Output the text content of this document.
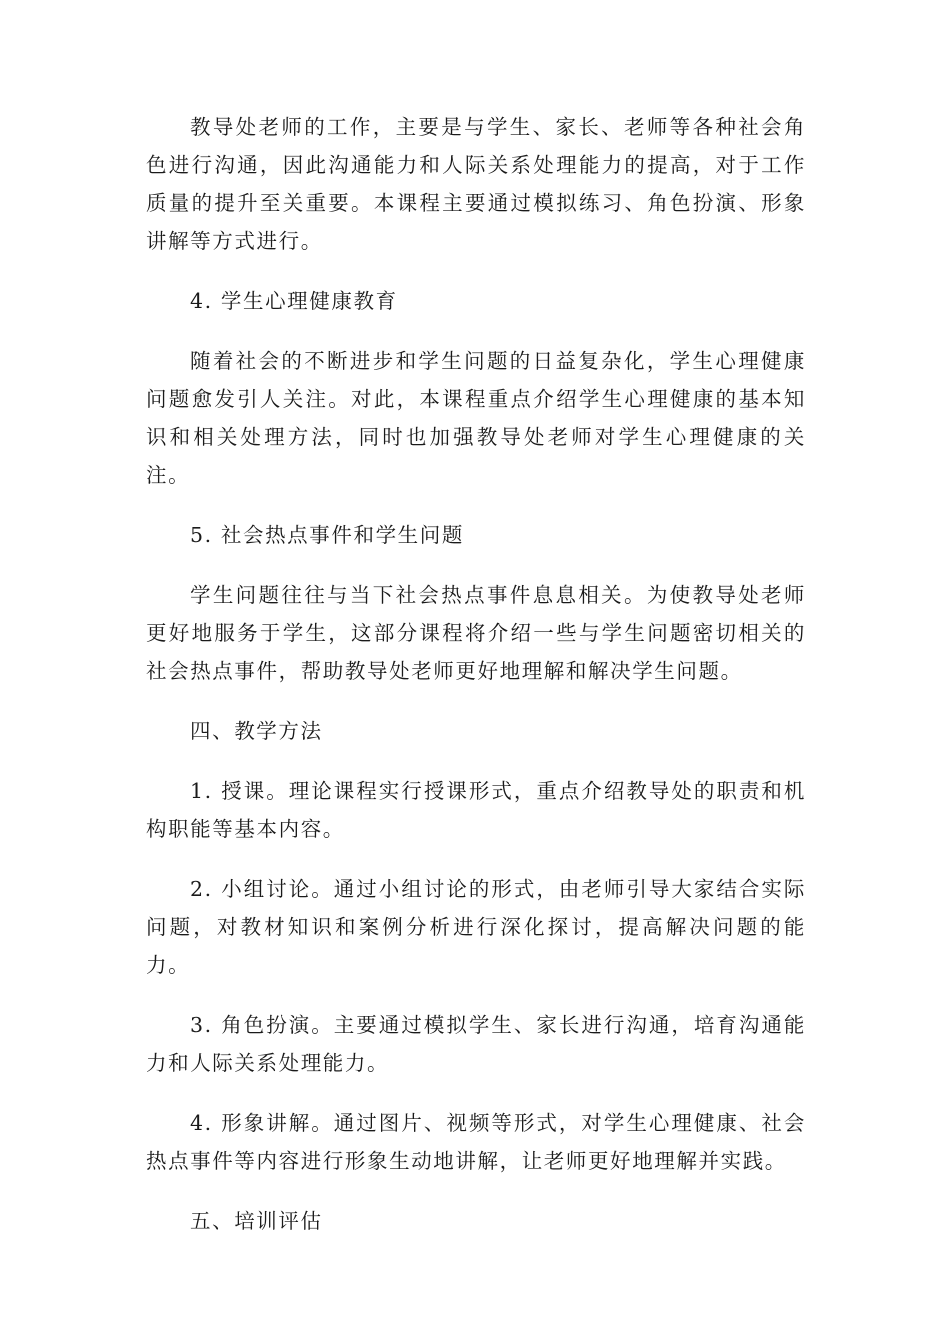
教导处老师的工作，主要是与学生、家长、老师等各种社会角色进行沟通，因此沟通能力和人际关系处理能力的提高，对于工作质量的提升至关重要。本课程主要通过模拟练习、角色扮演、形象讲解等方式进行。

4. 学生心理健康教育

随着社会的不断进步和学生问题的日益复杂化，学生心理健康问题愈发引人关注。对此，本课程重点介绍学生心理健康的基本知识和相关处理方法，同时也加强教导处老师对学生心理健康的关注。

5. 社会热点事件和学生问题

学生问题往往与当下社会热点事件息息相关。为使教导处老师更好地服务于学生，这部分课程将介绍一些与学生问题密切相关的社会热点事件，帮助教导处老师更好地理解和解决学生问题。

四、教学方法

1. 授课。理论课程实行授课形式，重点介绍教导处的职责和机构职能等基本内容。

2. 小组讨论。通过小组讨论的形式，由老师引导大家结合实际问题，对教材知识和案例分析进行深化探讨，提高解决问题的能力。

3. 角色扮演。主要通过模拟学生、家长进行沟通，培育沟通能力和人际关系处理能力。

4. 形象讲解。通过图片、视频等形式，对学生心理健康、社会热点事件等内容进行形象生动地讲解，让老师更好地理解并实践。

五、培训评估
